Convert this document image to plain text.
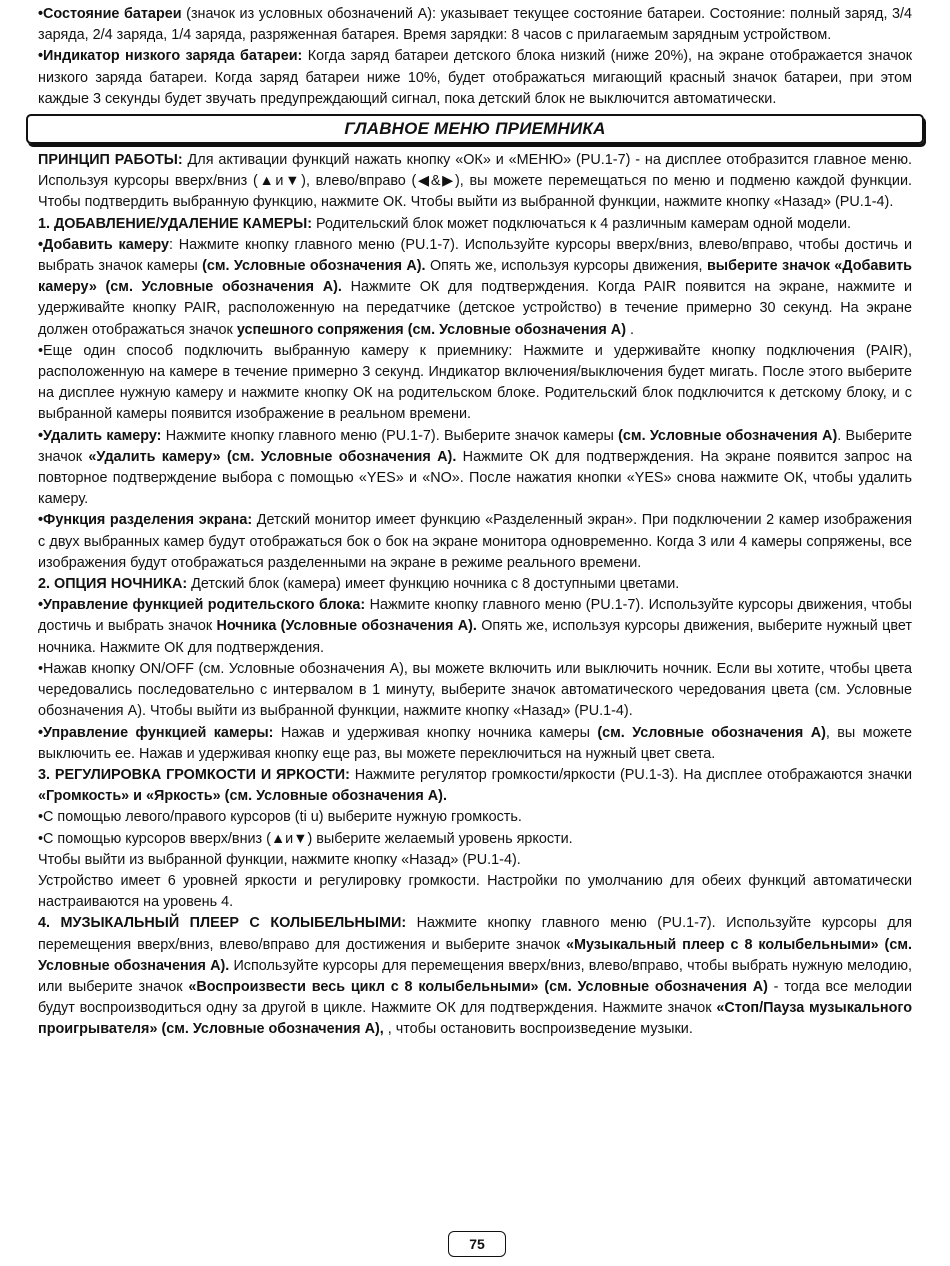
•Состояние батареи (значок из условных обозначений А): указывает текущее состояние батареи. Состояние: полный заряд, 3/4 заряда, 2/4 заряда, 1/4 заряда, разряженная батарея. Время зарядки: 8 часов с прилагаемым зарядным устройством.

•Индикатор низкого заряда батареи: Когда заряд батареи детского блока низкий (ниже 20%), на экране отображается значок низкого заряда батареи. Когда заряд батареи ниже 10%, будет отображаться мигающий красный значок батареи, при этом каждые 3 секунды будет звучать предупреждающий сигнал, пока детский блок не выключится автоматически.

ГЛАВНОЕ МЕНЮ ПРИЕМНИКА

ПРИНЦИП РАБОТЫ: Для активации функций нажать кнопку «ОК» и «МЕНЮ» (PU.1-7) - на дисплее отобразится главное меню. Используя курсоры вверх/вниз (▲и▼), влево/вправо (◀&▶), вы можете перемещаться по меню и подменю каждой функции. Чтобы подтвердить выбранную функцию, нажмите ОК. Чтобы выйти из выбранной функции, нажмите кнопку «Назад» (PU.1-4).

1. ДОБАВЛЕНИЕ/УДАЛЕНИЕ КАМЕРЫ: Родительский блок может подключаться к 4 различным камерам одной модели.

•Добавить камеру: Нажмите кнопку главного меню (PU.1-7). Используйте курсоры вверх/вниз, влево/вправо, чтобы достичь и выбрать значок камеры (см. Условные обозначения А). Опять же, используя курсоры движения, выберите значок «Добавить камеру» (см. Условные обозначения А). Нажмите ОК для подтверждения. Когда PAIR появится на экране, нажмите и удерживайте кнопку PAIR, расположенную на передатчике (детское устройство) в течение примерно 30 секунд. На экране должен отображаться значок успешного сопряжения (см. Условные обозначения А) .

•Еще один способ подключить выбранную камеру к приемнику: Нажмите и удерживайте кнопку подключения (PAIR), расположенную на камере в течение примерно 3 секунд. Индикатор включения/выключения будет мигать. После этого выберите на дисплее нужную камеру и нажмите кнопку ОК на родительском блоке. Родительский блок подключится к детскому блоку, и с выбранной камеры появится изображение в реальном времени.

•Удалить камеру: Нажмите кнопку главного меню (PU.1-7). Выберите значок камеры (см. Условные обозначения А). Выберите значок «Удалить камеру» (см. Условные обозначения А). Нажмите ОК для подтверждения. На экране появится запрос на повторное подтверждение выбора с помощью «YES» и «NO». После нажатия кнопки «YES» снова нажмите ОК, чтобы удалить камеру.

•Функция разделения экрана: Детский монитор имеет функцию «Разделенный экран». При подключении 2 камер изображения с двух выбранных камер будут отображаться бок о бок на экране монитора одновременно. Когда 3 или 4 камеры сопряжены, все изображения будут отображаться разделенными на экране в режиме реального времени.

2. ОПЦИЯ НОЧНИКА: Детский блок (камера) имеет функцию ночника с 8 доступными цветами.

•Управление функцией родительского блока: Нажмите кнопку главного меню (PU.1-7). Используйте курсоры движения, чтобы достичь и выбрать значок Ночника (Условные обозначения А). Опять же, используя курсоры движения, выберите нужный цвет ночника. Нажмите ОК для подтверждения.

•Нажав кнопку ON/OFF (см. Условные обозначения А), вы можете включить или выключить ночник. Если вы хотите, чтобы цвета чередовались последовательно с интервалом в 1 минуту, выберите значок автоматического чередования цвета (см. Условные обозначения А). Чтобы выйти из выбранной функции, нажмите кнопку «Назад» (PU.1-4).

•Управление функцией камеры: Нажав и удерживая кнопку ночника камеры (см. Условные обозначения А), вы можете выключить ее. Нажав и удерживая кнопку еще раз, вы можете переключиться на нужный цвет света.

3. РЕГУЛИРОВКА ГРОМКОСТИ И ЯРКОСТИ: Нажмите регулятор громкости/яркости (PU.1-3). На дисплее отображаются значки «Громкость» и «Яркость» (см. Условные обозначения А).

•С помощью левого/правого курсоров (ti u) выберите нужную громкость.

•С помощью курсоров вверх/вниз (▲и▼) выберите желаемый уровень яркости.

Чтобы выйти из выбранной функции, нажмите кнопку «Назад» (PU.1-4).

Устройство имеет 6 уровней яркости и регулировку громкости. Настройки по умолчанию для обеих функций автоматически настраиваются на уровень 4.

4. МУЗЫКАЛЬНЫЙ ПЛЕЕР С КОЛЫБЕЛЬНЫМИ: Нажмите кнопку главного меню (PU.1-7). Используйте курсоры для перемещения вверх/вниз, влево/вправо для достижения и выберите значок «Музыкальный плеер с 8 колыбельными» (см. Условные обозначения А). Используйте курсоры для перемещения вверх/вниз, влево/вправо, чтобы выбрать нужную мелодию, или выберите значок «Воспроизвести весь цикл с 8 колыбельными» (см. Условные обозначения А) - тогда все мелодии будут воспроизводиться одну за другой в цикле. Нажмите ОК для подтверждения. Нажмите значок «Стоп/Пауза музыкального проигрывателя» (см. Условные обозначения А), , чтобы остановить воспроизведение музыки.

75
